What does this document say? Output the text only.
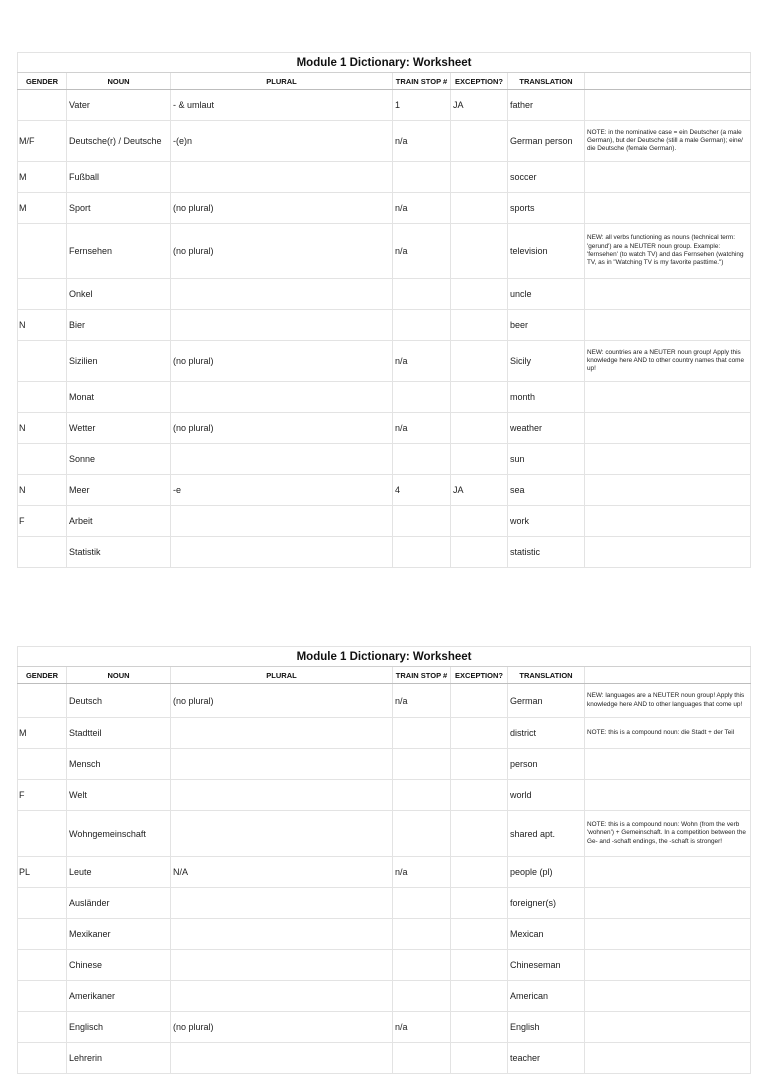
Module 1 Dictionary: Worksheet						
GENDER	NOUN	PLURAL	TRAIN STOP #	EXCEPTION?	TRANSLATION	
	Vater	- & umlaut	1	JA	father	
M/F	Deutsche(r) / Deutsche	-(e)n	n/a		German person	NOTE: in the nominative case = ein Deutscher (a male German), but der Deutsche (still a male German); eine/ die Deutsche (female German).
M	Fußball				soccer	
M	Sport	(no plural)	n/a		sports	
	Fernsehen	(no plural)	n/a		television	NEW: all verbs functioning as nouns (technical term: 'gerund') are a NEUTER noun group. Example: 'fernsehen' (to watch TV) and das Fernsehen (watching TV, as in "Watching TV is my favorite pasttime.")
	Onkel				uncle	
N	Bier				beer	
	Sizilien	(no plural)	n/a		Sicily	NEW: countries are a NEUTER noun group! Apply this knowledge here AND to other country names that come up!
	Monat				month	
N	Wetter	(no plural)	n/a		weather	
	Sonne				sun	
N	Meer	-e	4	JA	sea	
F	Arbeit				work	
	Statistik				statistic	
Module 1 Dictionary: Worksheet						
GENDER	NOUN	PLURAL	TRAIN STOP #	EXCEPTION?	TRANSLATION	
	Deutsch	(no plural)	n/a		German	NEW: languages are a NEUTER noun group! Apply this knowledge here AND to other languages that come up!
M	Stadtteil				district	NOTE: this is a compound noun: die Stadt + der Teil
	Mensch				person	
F	Welt				world	
	Wohngemeinschaft				shared apt.	NOTE: this is a compound noun: Wohn (from the verb 'wohnen') + Gemeinschaft. In a competition between the Ge- and -schaft endings, the -schaft is stronger!
PL	Leute	N/A	n/a		people (pl)	
	Ausländer				foreigner(s)	
	Mexikaner				Mexican	
	Chinese				Chineseman	
	Amerikaner				American	
	Englisch	(no plural)	n/a		English	
	Lehrerin				teacher	
